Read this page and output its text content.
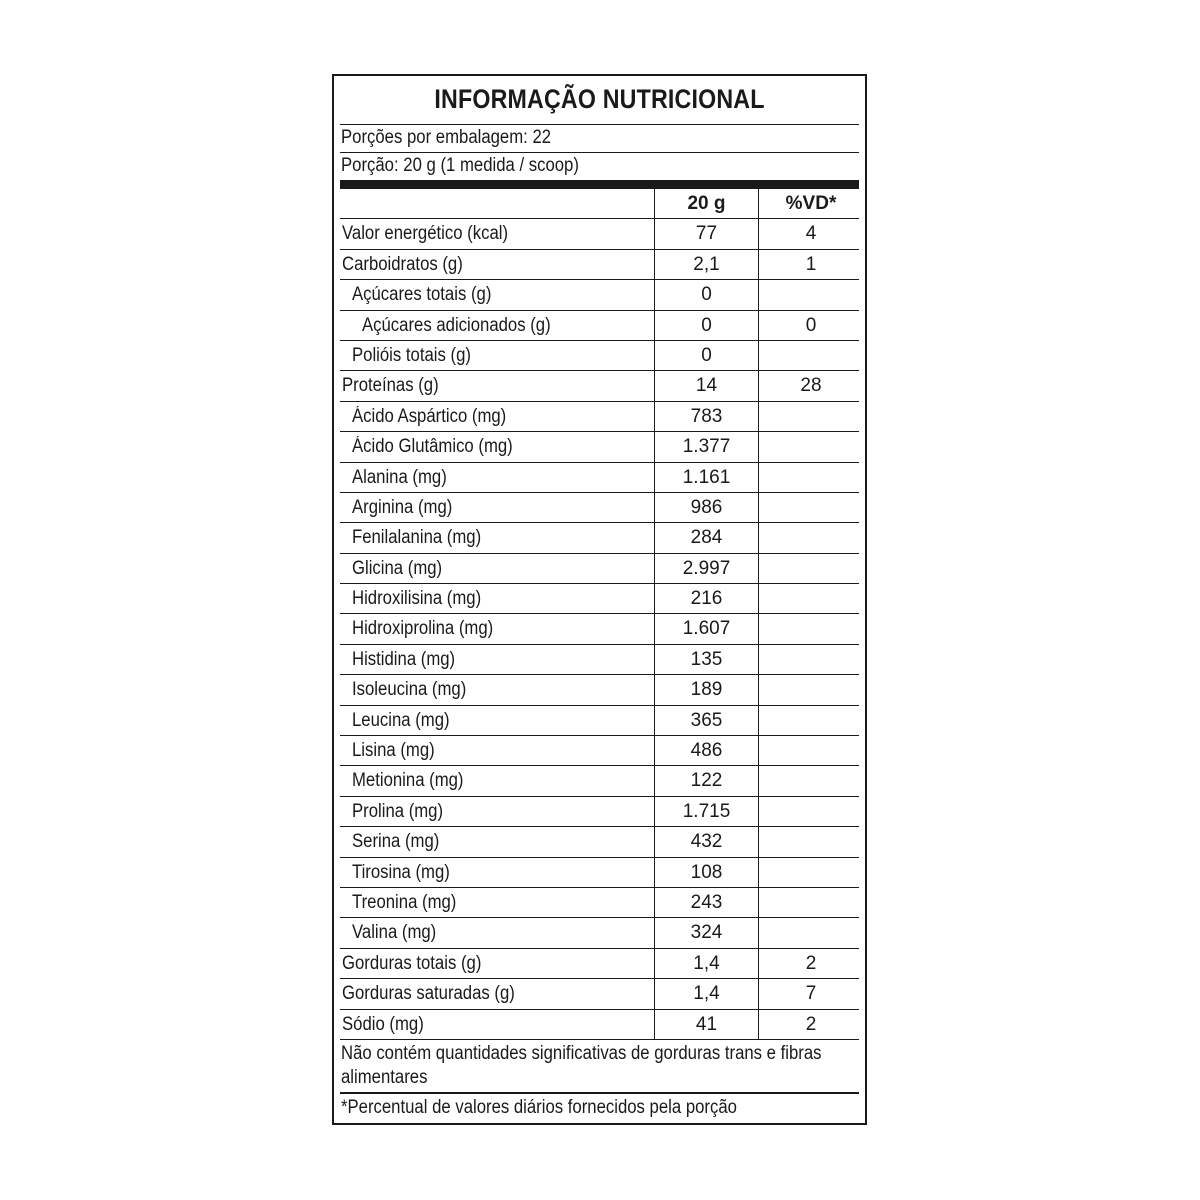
INFORMAÇÃO NUTRICIONAL
Porções por embalagem: 22
Porção: 20 g (1 medida / scoop)
20 g	%VD*
Valor energético (kcal)	77	4
Carboidratos (g)	2,1	1
Açúcares totais (g)	0
Açúcares adicionados (g)	0	0
Polióis totais (g)	0
Proteínas (g)	14	28
Ácido Aspártico (mg)	783
Ácido Glutâmico (mg)	1.377
Alanina (mg)	1.161
Arginina (mg)	986
Fenilalanina (mg)	284
Glicina (mg)	2.997
Hidroxilisina (mg)	216
Hidroxiprolina (mg)	1.607
Histidina (mg)	135
Isoleucina (mg)	189
Leucina (mg)	365
Lisina (mg)	486
Metionina (mg)	122
Prolina (mg)	1.715
Serina (mg)	432
Tirosina (mg)	108
Treonina (mg)	243
Valina (mg)	324
Gorduras totais (g)	1,4	2
Gorduras saturadas (g)	1,4	7
Sódio (mg)	41	2
Não contém quantidades significativas de gorduras trans e fibras alimentares
*Percentual de valores diários fornecidos pela porção
